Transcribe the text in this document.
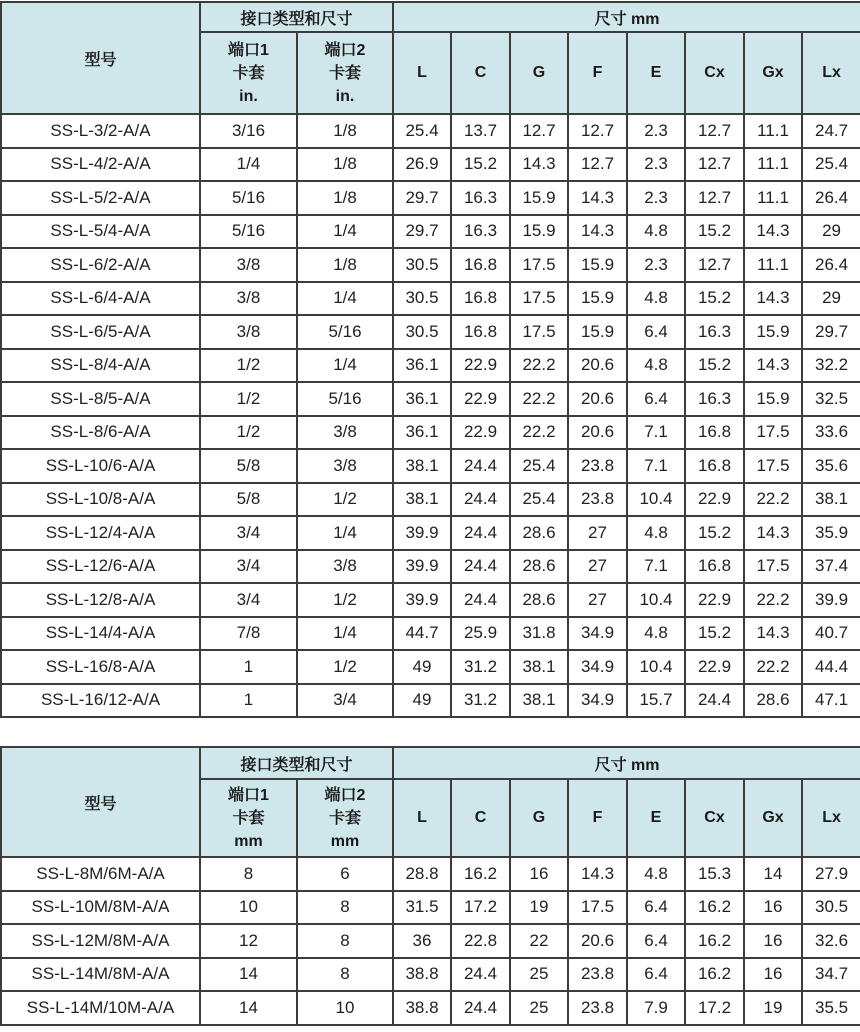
型号	接口类型和尺寸		尺寸 mm							

	端口1
卡套
in.	端口2
卡套
in.	L	C	G	F	E	Cx	Gx	Lx
SS-L-3/2-A/A	3/16	1/8	25.4	13.7	12.7	12.7	2.3	12.7	11.1	24.7
SS-L-4/2-A/A	1/4	1/8	26.9	15.2	14.3	12.7	2.3	12.7	11.1	25.4
SS-L-5/2-A/A	5/16	1/8	29.7	16.3	15.9	14.3	2.3	12.7	11.1	26.4
SS-L-5/4-A/A	5/16	1/4	29.7	16.3	15.9	14.3	4.8	15.2	14.3	29
SS-L-6/2-A/A	3/8	1/8	30.5	16.8	17.5	15.9	2.3	12.7	11.1	26.4
SS-L-6/4-A/A	3/8	1/4	30.5	16.8	17.5	15.9	4.8	15.2	14.3	29
SS-L-6/5-A/A	3/8	5/16	30.5	16.8	17.5	15.9	6.4	16.3	15.9	29.7
SS-L-8/4-A/A	1/2	1/4	36.1	22.9	22.2	20.6	4.8	15.2	14.3	32.2
SS-L-8/5-A/A	1/2	5/16	36.1	22.9	22.2	20.6	6.4	16.3	15.9	32.5
SS-L-8/6-A/A	1/2	3/8	36.1	22.9	22.2	20.6	7.1	16.8	17.5	33.6
SS-L-10/6-A/A	5/8	3/8	38.1	24.4	25.4	23.8	7.1	16.8	17.5	35.6
SS-L-10/8-A/A	5/8	1/2	38.1	24.4	25.4	23.8	10.4	22.9	22.2	38.1
SS-L-12/4-A/A	3/4	1/4	39.9	24.4	28.6	27	4.8	15.2	14.3	35.9
SS-L-12/6-A/A	3/4	3/8	39.9	24.4	28.6	27	7.1	16.8	17.5	37.4
SS-L-12/8-A/A	3/4	1/2	39.9	24.4	28.6	27	10.4	22.9	22.2	39.9
SS-L-14/4-A/A	7/8	1/4	44.7	25.9	31.8	34.9	4.8	15.2	14.3	40.7
SS-L-16/8-A/A	1	1/2	49	31.2	38.1	34.9	10.4	22.9	22.2	44.4
SS-L-16/12-A/A	1	3/4	49	31.2	38.1	34.9	15.7	24.4	28.6	47.1
型号	接口类型和尺寸		尺寸 mm							

	端口1
卡套
mm	端口2
卡套
mm	L	C	G	F	E	Cx	Gx	Lx
SS-L-8M/6M-A/A	8	6	28.8	16.2	16	14.3	4.8	15.3	14	27.9
SS-L-10M/8M-A/A	10	8	31.5	17.2	19	17.5	6.4	16.2	16	30.5
SS-L-12M/8M-A/A	12	8	36	22.8	22	20.6	6.4	16.2	16	32.6
SS-L-14M/8M-A/A	14	8	38.8	24.4	25	23.8	6.4	16.2	16	34.7
SS-L-14M/10M-A/A	14	10	38.8	24.4	25	23.8	7.9	17.2	19	35.5
